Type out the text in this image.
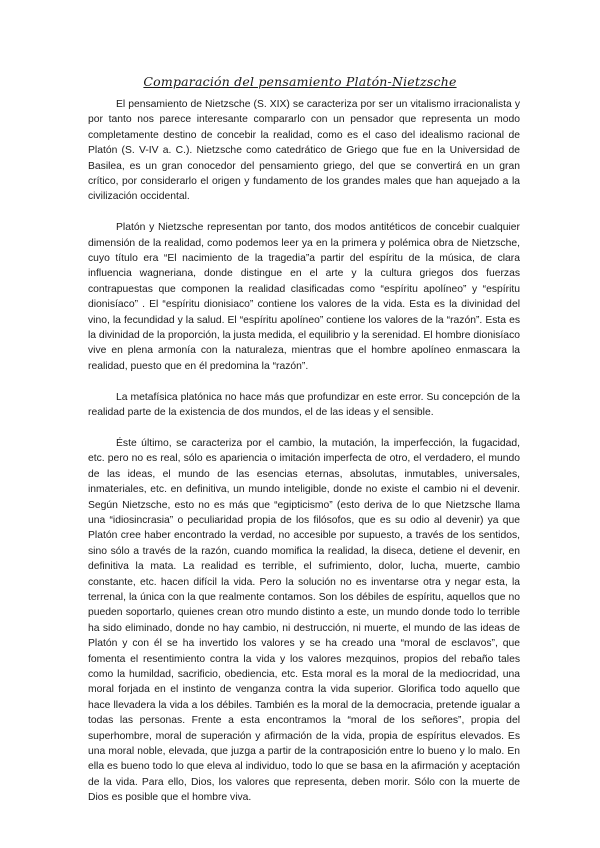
Comparación del pensamiento Platón-Nietzsche

El pensamiento de Nietzsche (S. XIX) se caracteriza por ser un vitalismo irracionalista y por tanto nos parece interesante compararlo con un pensador que representa un modo completamente destino de concebir la realidad, como es el caso del idealismo racional de Platón (S. V-IV a. C.). Nietzsche como catedrático de Griego que fue en la Universidad de Basilea, es un gran conocedor del pensamiento griego, del que se convertirá en un gran crítico, por considerarlo el origen y fundamento de los grandes males que han aquejado a la civilización occidental.

Platón y Nietzsche representan por tanto, dos modos antitéticos de concebir cualquier dimensión de la realidad, como podemos leer ya en la primera y polémica obra de Nietzsche, cuyo título era “El nacimiento de la tragedia”a partir del espíritu de la música, de clara influencia wagneriana, donde distingue en el arte y la cultura griegos dos fuerzas contrapuestas que componen la realidad clasificadas como “espíritu apolíneo” y “espíritu dionisíaco” . El “espíritu dionisiaco” contiene los valores de la vida. Esta es la divinidad del vino, la fecundidad y la salud. El “espíritu apolíneo” contiene los valores de la “razón”. Esta es la divinidad de la proporción, la justa medida, el equilibrio y la serenidad. El hombre dionisíaco vive en plena armonía con la naturaleza, mientras que el hombre apolíneo enmascara la realidad, puesto que en él predomina la “razón”.

La metafísica platónica no hace más que profundizar en este error. Su concepción de la realidad parte de la existencia de dos mundos, el de las ideas y el sensible.

Éste último, se caracteriza por el cambio, la mutación, la imperfección, la fugacidad, etc. pero no es real, sólo es apariencia o imitación imperfecta de otro, el verdadero, el mundo de las ideas, el mundo de las esencias eternas, absolutas, inmutables, universales, inmateriales, etc. en definitiva, un mundo inteligible, donde no existe el cambio ni el devenir. Según Nietzsche, esto no es más que “egipticismo” (esto deriva de lo que Nietzsche llama una “idiosincrasia” o peculiaridad propia de los filósofos, que es su odio al devenir) ya que Platón cree haber encontrado la verdad, no accesible por supuesto, a través de los sentidos, sino sólo a través de la razón, cuando momifica la realidad, la diseca, detiene el devenir, en definitiva la mata. La realidad es terrible, el sufrimiento, dolor, lucha, muerte, cambio constante, etc. hacen difícil la vida. Pero la solución no es inventarse otra y negar esta, la terrenal, la única con la que realmente contamos. Son los débiles de espíritu, aquellos que no pueden soportarlo, quienes crean otro mundo distinto a este, un mundo donde todo lo terrible ha sido eliminado, donde no hay cambio, ni destrucción, ni muerte, el mundo de las ideas de Platón y con él se ha invertido los valores y se ha creado una “moral de esclavos”, que fomenta el resentimiento contra la vida y los valores mezquinos, propios del rebaño tales como la humildad, sacrificio, obediencia, etc. Esta moral es la moral de la mediocridad, una moral forjada en el instinto de venganza contra la vida superior. Glorifica todo aquello que hace llevadera la vida a los débiles. También es la moral de la democracia, pretende igualar a todas las personas. Frente a esta encontramos la “moral de los señores”, propia del superhombre, moral de superación y afirmación de la vida, propia de espíritus elevados. Es una moral noble, elevada, que juzga a partir de la contraposición entre lo bueno y lo malo. En ella es bueno todo lo que eleva al individuo, todo lo que se basa en la afirmación y aceptación de la vida. Para ello, Dios, los valores que representa, deben morir. Sólo con la muerte de Dios es posible que el hombre viva.
